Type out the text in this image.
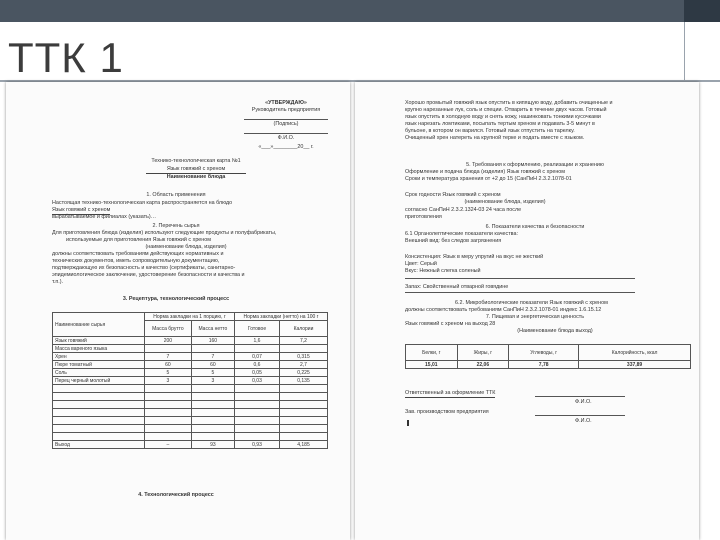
ТТК 1
«УТВЕРЖДАЮ»
Руководитель предприятия
(Подпись)
Ф.И.О.
«___»________20__ г.
Технико-технологическая карта №1
Язык говяжий с хреном
Наименование блюда
1. Область применения
Настоящая технико-технологическая карта распространяется на блюдо
Язык говяжий с хреном
вырабатываемое и филиалах (указать)…
2. Перечень сырья
Для приготовления блюда (изделия) используют следующие продукты и полуфабрикаты,
используемые для приготовления Язык говяжий с хреном
(наименование блюда, изделия)
должны соответствовать требованиям действующих нормативных и
технических документов, иметь сопроводительную документацию,
подтверждающую их безопасность и качество (сертификаты, санитарно-
эпидемиологическое заключение, удостоверение безопасности и качества и
т.п.).
3. Рецептура, технологический процесс
Наименование сырья	Норма закладки на 1 порцию, г		Норма закладки (нетто) на 100 г	
	Масса брутто	Масса нетто	Готовое	Калории
Язык говяжий	200	160	1,6	7,2
Масса вареного языка				
Хрен	7	7	0,07	0,315
Пюре томатный	60	60	0,6	2,7
Соль	5	5	0,05	0,225
Перец черный молотый	3	3	0,03	0,135

Выход	–	93	0,93	4,185
4. Технологический процесс
Хорошо промытый говяжий язык опустить в кипящую воду, добавить очищенные и
крупно нарезанные лук, соль и специи. Отварить в течение двух часов. Готовый
язык опустить в холодную воду и снять кожу, нашинковать тонкими кусочками
язык нарезать ломтиками, посыпать тертым хреном и подавать 3-5 минут в
бульоне, в котором он варился. Готовый язык отпустить на тарелку.
Очищенный хрен натереть на крупной терке и подать вместе с языком.
5. Требования к оформлению, реализации и хранению
Оформление и подача блюда (изделия) Язык говяжий с хреном
Сроки и температура хранения от +2 до 15 (СанПиН 2.3.2.1078-01
Срок годности Язык говяжий с хреном
(наименование блюда, изделия)
согласно СанПиН 2.3.2.1324-03 24 часа после
приготовления
6. Показатели качества и безопасности
6.1 Органолептические показатели качества:
Внешний вид: без следов загрязнения
Консистенция: Язык в меру упругий на вкус не жесткий
Цвет: Серый
Вкус: Нежный слегка соленый
Запах: Свойственный отварной говядине
6.2. Микробиологические показатели Язык говяжий с хреном
должны соответствовать требованиям СанПиН 2.3.2.1078-01 индекс 1.6.15.12
7. Пищевая и энергетическая ценность
Язык говяжий с хреном на выход 28
(Наименование блюда выход)
Белки, г	Жиры, г	Углеводы, г	Калорийность, ккал
15,01	22,06	7,78	337,89
Ответственный за оформление ТТК
Ф.И.О.
Зав. производством предприятия
Ф.И.О.
